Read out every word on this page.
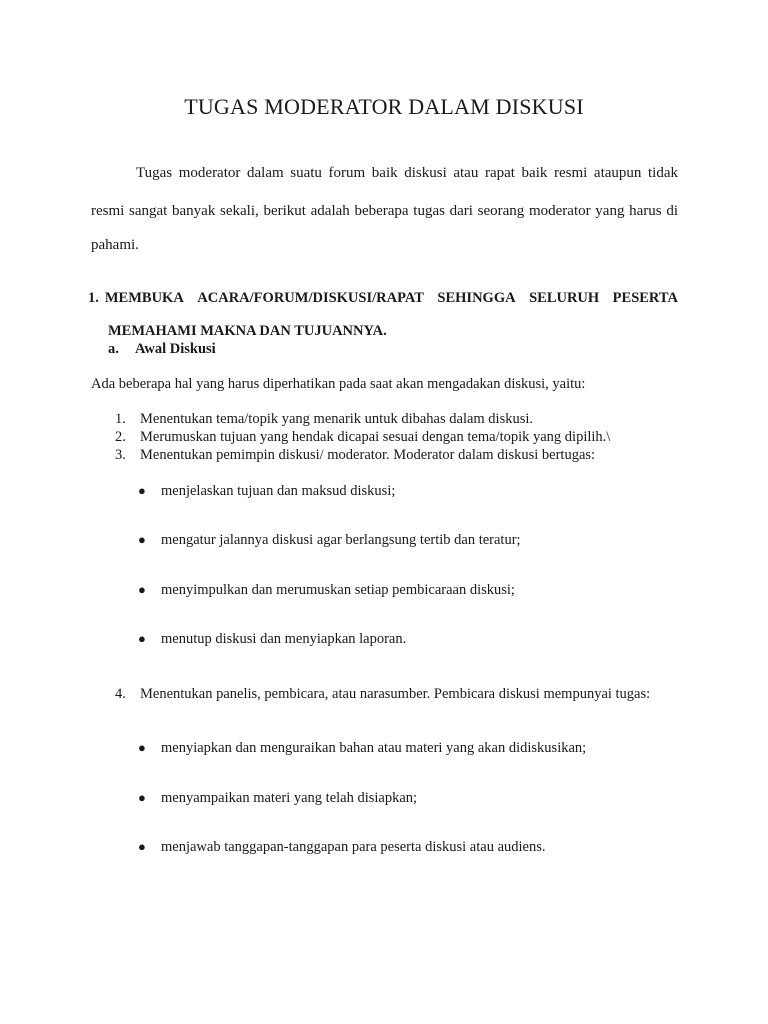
TUGAS MODERATOR DALAM DISKUSI
Tugas moderator dalam suatu forum baik diskusi atau rapat baik resmi ataupun tidak
resmi sangat banyak sekali, berikut adalah beberapa tugas dari seorang moderator yang harus di
pahami.
1. MEMBUKA ACARA/FORUM/DISKUSI/RAPAT SEHINGGA SELURUH PESERTA
MEMAHAMI MAKNA DAN TUJUANNYA.
a. Awal Diskusi
Ada beberapa hal yang harus diperhatikan pada saat akan mengadakan diskusi, yaitu:
1. Menentukan tema/topik yang menarik untuk dibahas dalam diskusi.
2. Merumuskan tujuan yang hendak dicapai sesuai dengan tema/topik yang dipilih.\
3. Menentukan pemimpin diskusi/ moderator. Moderator dalam diskusi bertugas:
● menjelaskan tujuan dan maksud diskusi;
● mengatur jalannya diskusi agar berlangsung tertib dan teratur;
● menyimpulkan dan merumuskan setiap pembicaraan diskusi;
● menutup diskusi dan menyiapkan laporan.
4. Menentukan panelis, pembicara, atau narasumber. Pembicara diskusi mempunyai tugas:
● menyiapkan dan menguraikan bahan atau materi yang akan didiskusikan;
● menyampaikan materi yang telah disiapkan;
● menjawab tanggapan-tanggapan para peserta diskusi atau audiens.
